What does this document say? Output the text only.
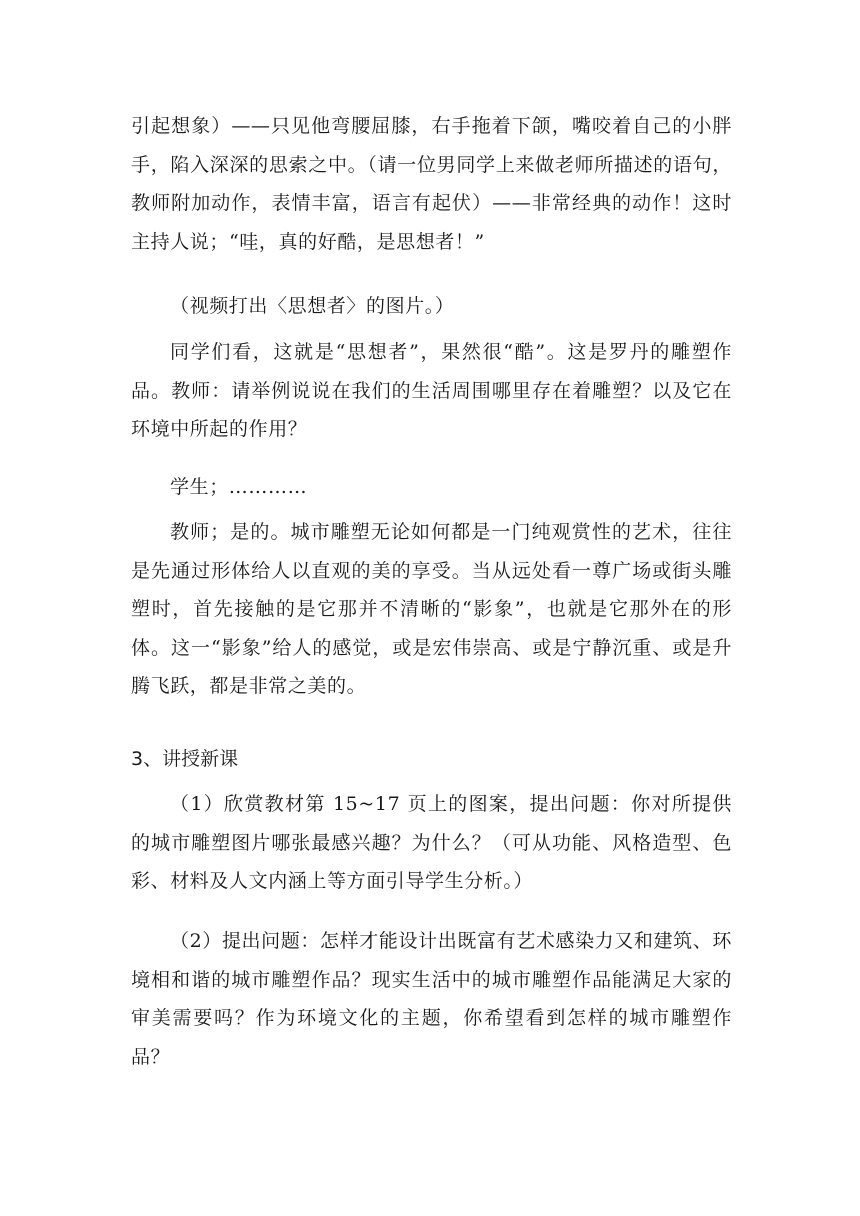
引起想象）——只见他弯腰屈膝，右手拖着下颌，嘴咬着自己的小胖手，陷入深深的思索之中。（请一位男同学上来做老师所描述的语句，教师附加动作，表情丰富，语言有起伏）——非常经典的动作！这时主持人说；“哇，真的好酷，是思想者！”

（视频打出〈思想者〉的图片。）

同学们看，这就是“思想者”，果然很“酷”。这是罗丹的雕塑作品。教师：请举例说说在我们的生活周围哪里存在着雕塑？以及它在环境中所起的作用？

学生；…………

教师；是的。城市雕塑无论如何都是一门纯观赏性的艺术，往往是先通过形体给人以直观的美的享受。当从远处看一尊广场或街头雕塑时，首先接触的是它那并不清晰的“影象”，也就是它那外在的形体。这一“影象”给人的感觉，或是宏伟崇高、或是宁静沉重、或是升腾飞跃，都是非常之美的。

3、讲授新课

（1）欣赏教材第 15~17 页上的图案，提出问题：你对所提供的城市雕塑图片哪张最感兴趣？为什么？（可从功能、风格造型、色彩、材料及人文内涵上等方面引导学生分析。）

（2）提出问题：怎样才能设计出既富有艺术感染力又和建筑、环境相和谐的城市雕塑作品？现实生活中的城市雕塑作品能满足大家的审美需要吗？作为环境文化的主题，你希望看到怎样的城市雕塑作品？
